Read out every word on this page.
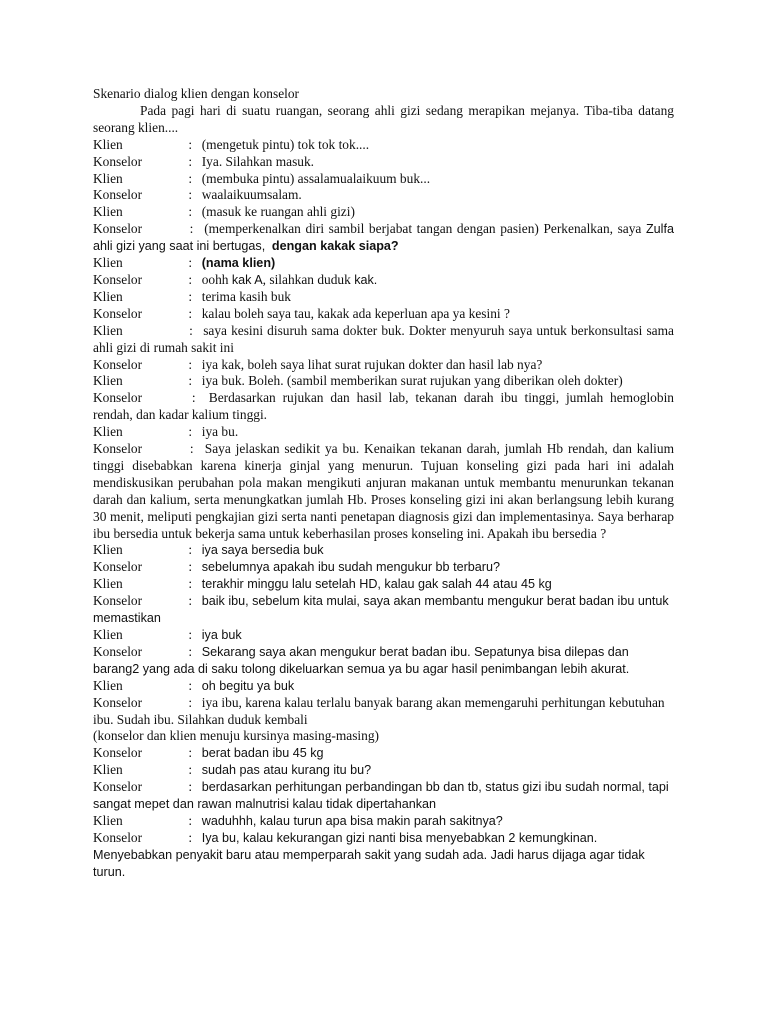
Skenario dialog klien dengan konselor

Pada pagi hari di suatu ruangan, seorang ahli gizi sedang merapikan mejanya. Tiba-tiba datang seorang klien....

Klien	: (mengetuk pintu) tok tok tok....
Konselor	: Iya. Silahkan masuk.
Klien	: (membuka pintu) assalamualaikuum buk...
Konselor	: waalaikuumsalam.
Klien	: (masuk ke ruangan ahli gizi)
Konselor	: (memperkenalkan diri sambil berjabat tangan dengan pasien) Perkenalkan, saya Zulfa ahli gizi yang saat ini bertugas, dengan kakak siapa?
Klien	: (nama klien)
Konselor	: oohh kak A, silahkan duduk kak.
Klien	: terima kasih buk
Konselor	: kalau boleh saya tau, kakak ada keperluan apa ya kesini ?
Klien	: saya kesini disuruh sama dokter buk. Dokter menyuruh saya untuk berkonsultasi sama ahli gizi di rumah sakit ini
Konselor	: iya kak, boleh saya lihat surat rujukan dokter dan hasil lab nya?
Klien	: iya buk. Boleh. (sambil memberikan surat rujukan yang diberikan oleh dokter)
Konselor	: Berdasarkan rujukan dan hasil lab, tekanan darah ibu tinggi, jumlah hemoglobin rendah, dan kadar kalium tinggi.
Klien	: iya bu.
Konselor	: Saya jelaskan sedikit ya bu. Kenaikan tekanan darah, jumlah Hb rendah, dan kalium tinggi disebabkan karena kinerja ginjal yang menurun. Tujuan konseling gizi pada hari ini adalah mendiskusikan perubahan pola makan mengikuti anjuran makanan untuk membantu menurunkan tekanan darah dan kalium, serta menungkatkan jumlah Hb. Proses konseling gizi ini akan berlangsung lebih kurang 30 menit, meliputi pengkajian gizi serta nanti penetapan diagnosis gizi dan implementasinya. Saya berharap ibu bersedia untuk bekerja sama untuk keberhasilan proses konseling ini. Apakah ibu bersedia ?
Klien	: iya saya bersedia buk
Konselor	: sebelumnya apakah ibu sudah mengukur bb terbaru?
Klien	: terakhir minggu lalu setelah HD, kalau gak salah 44 atau 45 kg
Konselor	: baik ibu, sebelum kita mulai, saya akan membantu mengukur berat badan ibu untuk memastikan
Klien	: iya buk
Konselor	: Sekarang saya akan mengukur berat badan ibu. Sepatunya bisa dilepas dan barang2 yang ada di saku tolong dikeluarkan semua ya bu agar hasil penimbangan lebih akurat.
Klien	: oh begitu ya buk
Konselor	: iya ibu, karena kalau terlalu banyak barang akan memengaruhi perhitungan kebutuhan ibu. Sudah ibu. Silahkan duduk kembali

(konselor dan klien menuju kursinya masing-masing)

Konselor	: berat badan ibu 45 kg
Klien	: sudah pas atau kurang itu bu?
Konselor	: berdasarkan perhitungan perbandingan bb dan tb, status gizi ibu sudah normal, tapi sangat mepet dan rawan malnutrisi kalau tidak dipertahankan
Klien	: waduhhh, kalau turun apa bisa makin parah sakitnya?
Konselor	: Iya bu, kalau kekurangan gizi nanti bisa menyebabkan 2 kemungkinan. Menyebabkan penyakit baru atau memperparah sakit yang sudah ada. Jadi harus dijaga agar tidak turun.
